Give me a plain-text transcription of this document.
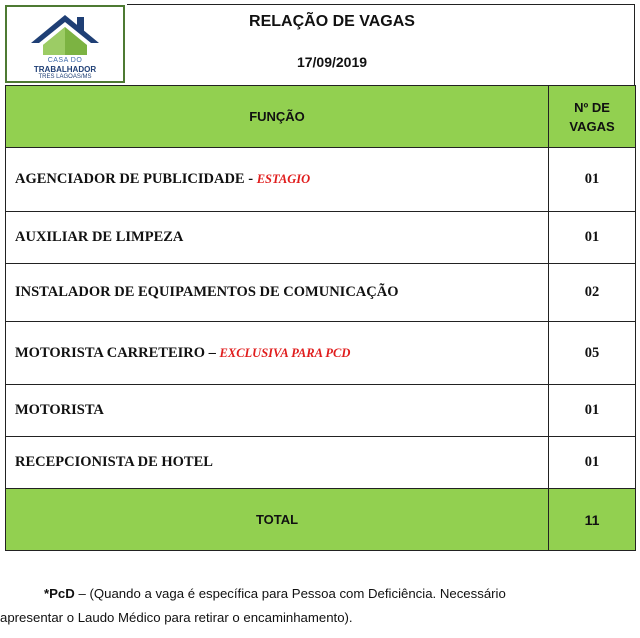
CASA DO
TRABALHADOR
TRES LAGOAS/MS
RELAÇÃO DE VAGAS
17/09/2019
FUNÇÃO	Nº DE
VAGAS
AGENCIADOR DE PUBLICIDADE - ESTAGIO	01
AUXILIAR DE LIMPEZA	01
INSTALADOR DE EQUIPAMENTOS DE COMUNICAÇÃO	02
MOTORISTA CARRETEIRO – EXCLUSIVA PARA PCD	05
MOTORISTA	01
RECEPCIONISTA DE HOTEL	01
TOTAL	11
*PcD – (Quando a vaga é específica para Pessoa com Deficiência. Necessário
apresentar o Laudo Médico para retirar o encaminhamento).
